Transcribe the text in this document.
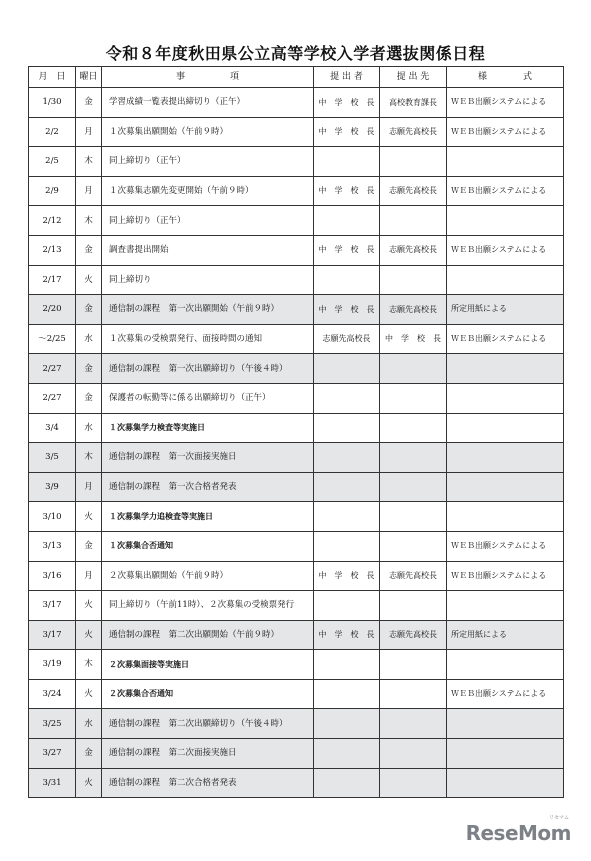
令和８年度秋田県公立高等学校入学者選抜関係日程
月　日	曜日	事　　　　　項	提 出 者	提 出 先	様　　　　式
1/30	金	学習成績一覧表提出締切り（正午）	中　学　校　長	高校教育課長	ＷＥＢ出願システムによる
2/2	月	１次募集出願開始（午前９時）	中　学　校　長	志願先高校長	ＷＥＢ出願システムによる
2/5	木	同上締切り（正午）			
2/9	月	１次募集志願先変更開始（午前９時）	中　学　校　長	志願先高校長	ＷＥＢ出願システムによる
2/12	木	同上締切り（正午）			
2/13	金	調査書提出開始	中　学　校　長	志願先高校長	ＷＥＢ出願システムによる
2/17	火	同上締切り			
2/20	金	通信制の課程　第一次出願開始（午前９時）	中　学　校　長	志願先高校長	所定用紙による
～2/25	水	１次募集の受検票発行、面接時間の通知	志願先高校長	中　学　校　長	ＷＥＢ出願システムによる
2/27	金	通信制の課程　第一次出願締切り（午後４時）			
2/27	金	保護者の転勤等に係る出願締切り（正午）			
3/4	水	１次募集学力検査等実施日			
3/5	木	通信制の課程　第一次面接実施日			
3/9	月	通信制の課程　第一次合格者発表			
3/10	火	１次募集学力追検査等実施日			
3/13	金	１次募集合否通知			ＷＥＢ出願システムによる
3/16	月	２次募集出願開始（午前９時）	中　学　校　長	志願先高校長	ＷＥＢ出願システムによる
3/17	火	同上締切り（午前11時）、２次募集の受検票発行			
3/17	火	通信制の課程　第二次出願開始（午前９時）	中　学　校　長	志願先高校長	所定用紙による
3/19	木	２次募集面接等実施日			
3/24	火	２次募集合否通知			ＷＥＢ出願システムによる
3/25	水	通信制の課程　第二次出願締切り（午後４時）			
3/27	金	通信制の課程　第二次面接実施日			
3/31	火	通信制の課程　第二次合格者発表			
リセマム
ReseMom
